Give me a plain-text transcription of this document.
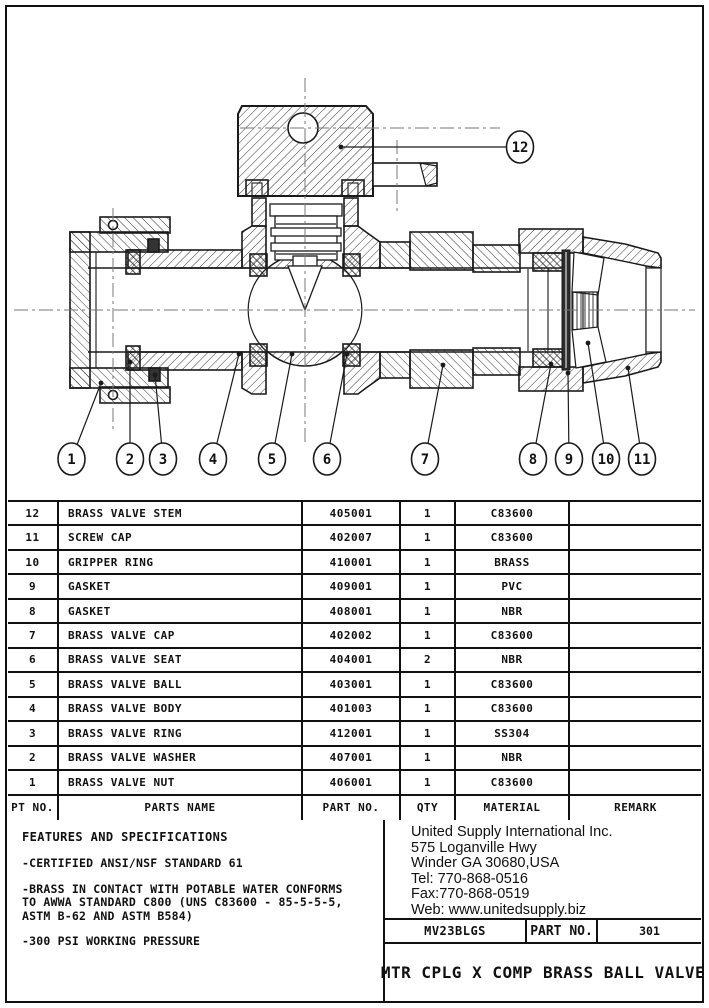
1	2 3	4	5	6	7	8 9 10 11
12
12	BRASS VALVE STEM	405001	1	C83600
11	SCREW CAP	402007	1	C83600
10	GRIPPER RING	410001	1	BRASS
9	GASKET	409001	1	PVC
8	GASKET	408001	1	NBR
7	BRASS VALVE CAP	402002	1	C83600
6	BRASS VALVE SEAT	404001	2	NBR
5	BRASS VALVE BALL	403001	1	C83600
4	BRASS VALVE BODY	401003	1	C83600
3	BRASS VALVE RING	412001	1	SS304
2	BRASS VALVE WASHER	407001	1	NBR
1	BRASS VALVE NUT	406001	1	C83600
PT NO.	PARTS NAME	PART NO.	QTY	MATERIAL	REMARK
FEATURES AND SPECIFICATIONS
-CERTIFIED ANSI/NSF STANDARD 61
-BRASS IN CONTACT WITH POTABLE WATER CONFORMS
TO AWWA STANDARD C800 (UNS C83600 - 85-5-5-5,
ASTM B-62 AND ASTM B584)
-300 PSI WORKING PRESSURE
United Supply International Inc.
575 Loganville Hwy
Winder GA 30680,USA
Tel: 770-868-0516
Fax:770-868-0519
Web: www.unitedsupply.biz
MV23BLGS	PART NO.	301
MTR CPLG X COMP BRASS BALL VALVE
